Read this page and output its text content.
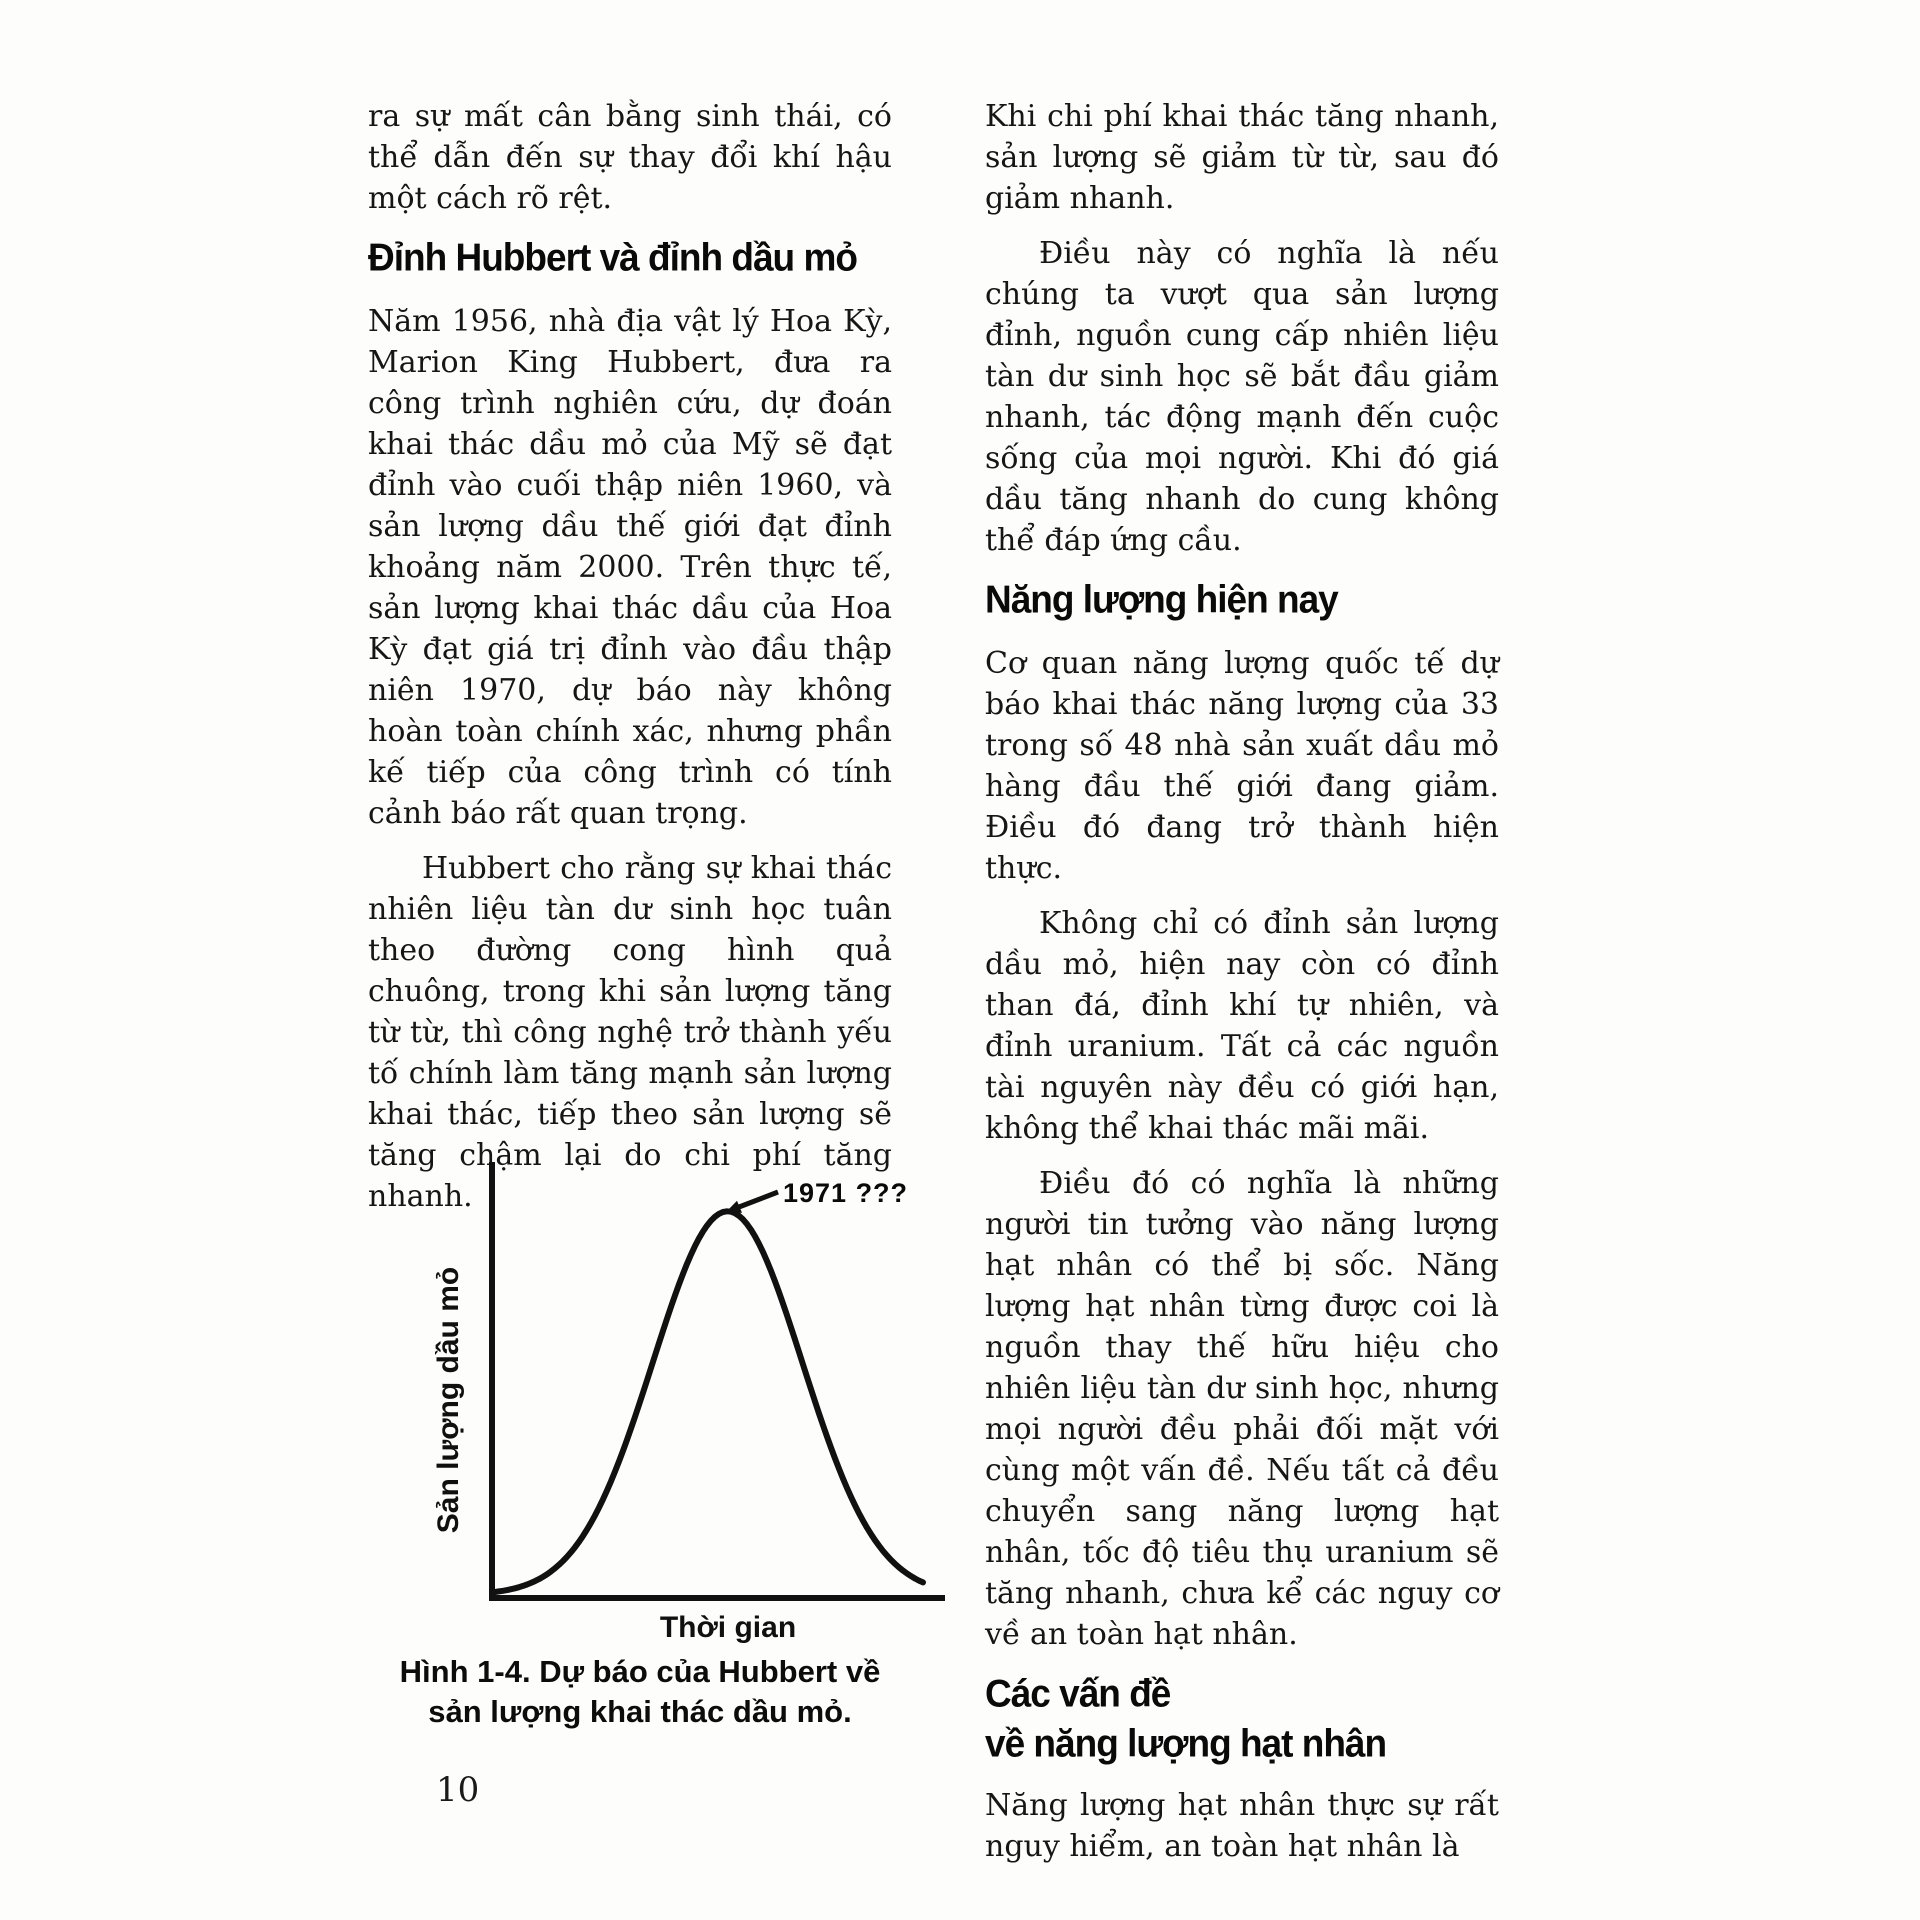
ra sự mất cân bằng sinh thái, có thể dẫn đến sự thay đổi khí hậu một cách rõ rệt.

Đỉnh Hubbert và đỉnh dầu mỏ

Năm 1956, nhà địa vật lý Hoa Kỳ, Marion King Hubbert, đưa ra công trình nghiên cứu, dự đoán khai thác dầu mỏ của Mỹ sẽ đạt đỉnh vào cuối thập niên 1960, và sản lượng dầu thế giới đạt đỉnh khoảng năm 2000. Trên thực tế, sản lượng khai thác dầu của Hoa Kỳ đạt giá trị đỉnh vào đầu thập niên 1970, dự báo này không hoàn toàn chính xác, nhưng phần kế tiếp của công trình có tính cảnh báo rất quan trọng.

Hubbert cho rằng sự khai thác nhiên liệu tàn dư sinh học tuân theo đường cong hình quả chuông, trong khi sản lượng tăng từ từ, thì công nghệ trở thành yếu tố chính làm tăng mạnh sản lượng khai thác, tiếp theo sản lượng sẽ tăng chậm lại do chi phí tăng nhanh.	1971 ???
Sản lượng dầu mỏ
Thời gian
Hình 1-4. Dự báo của Hubbert về
sản lượng khai thác dầu mỏ.

Khi chi phí khai thác tăng nhanh, sản lượng sẽ giảm từ từ, sau đó giảm nhanh.

Điều này có nghĩa là nếu chúng ta vượt qua sản lượng đỉnh, nguồn cung cấp nhiên liệu tàn dư sinh học sẽ bắt đầu giảm nhanh, tác động mạnh đến cuộc sống của mọi người. Khi đó giá dầu tăng nhanh do cung không thể đáp ứng cầu.

Năng lượng hiện nay

Cơ quan năng lượng quốc tế dự báo khai thác năng lượng của 33 trong số 48 nhà sản xuất dầu mỏ hàng đầu thế giới đang giảm. Điều đó đang trở thành hiện thực.

Không chỉ có đỉnh sản lượng dầu mỏ, hiện nay còn có đỉnh than đá, đỉnh khí tự nhiên, và đỉnh uranium. Tất cả các nguồn tài nguyên này đều có giới hạn, không thể khai thác mãi mãi.

Điều đó có nghĩa là những người tin tưởng vào năng lượng hạt nhân có thể bị sốc. Năng lượng hạt nhân từng được coi là nguồn thay thế hữu hiệu cho nhiên liệu tàn dư sinh học, nhưng mọi người đều phải đối mặt với cùng một vấn đề. Nếu tất cả đều chuyển sang năng lượng hạt nhân, tốc độ tiêu thụ uranium sẽ tăng nhanh, chưa kể các nguy cơ về an toàn hạt nhân.

Các vấn đề
về năng lượng hạt nhân

Năng lượng hạt nhân thực sự rất nguy hiểm, an toàn hạt nhân là

10
